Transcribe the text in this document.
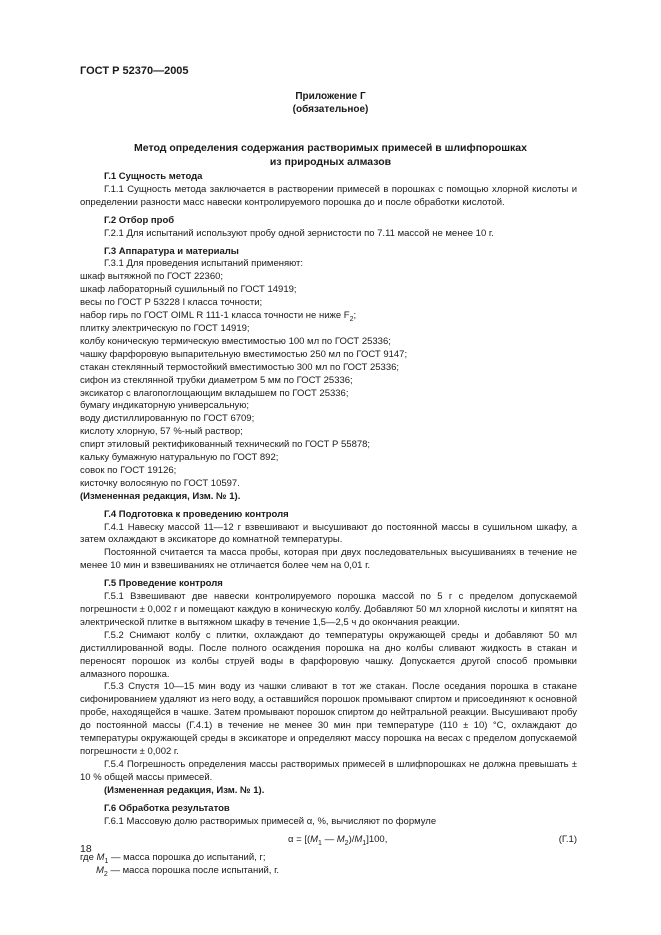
ГОСТ Р 52370—2005
Приложение Г
(обязательное)
Метод определения содержания растворимых примесей в шлифпорошках
из природных алмазов

Г.1 Сущность метода

Г.1.1 Сущность метода заключается в растворении примесей в порошках с помощью хлорной кислоты и определении разности масс навески контролируемого порошка до и после обработки кислотой.

Г.2 Отбор проб

Г.2.1 Для испытаний используют пробу одной зернистости по 7.11 массой не менее 10 г.

Г.3 Аппаратура и материалы

Г.3.1 Для проведения испытаний применяют:

шкаф вытяжной по ГОСТ 22360;

шкаф лабораторный сушильный по ГОСТ 14919;

весы по ГОСТ Р 53228 I класса точности;

набор гирь по ГОСТ OIML R 111-1 класса точности не ниже $F_2$;

плитку электрическую по ГОСТ 14919;

колбу коническую термическую вместимостью 100 мл по ГОСТ 25336;

чашку фарфоровую выпарительную вместимостью 250 мл по ГОСТ 9147;

стакан стеклянный термостойкий вместимостью 300 мл по ГОСТ 25336;

сифон из стеклянной трубки диаметром 5 мм по ГОСТ 25336;

эксикатор с влагопоглощающим вкладышем по ГОСТ 25336;

бумагу индикаторную универсальную;

воду дистиллированную по ГОСТ 6709;

кислоту хлорную, 57 %-ный раствор;

спирт этиловый ректификованный технический по ГОСТ Р 55878;

кальку бумажную натуральную по ГОСТ 892;

совок по ГОСТ 19126;

кисточку волосяную по ГОСТ 10597.

(Измененная редакция, Изм. № 1).

Г.4 Подготовка к проведению контроля

Г.4.1 Навеску массой 11—12 г взвешивают и высушивают до постоянной массы в сушильном шкафу, а затем охлаждают в эксикаторе до комнатной температуры.

Постоянной считается та масса пробы, которая при двух последовательных высушиваниях в течение не менее 10 мин и взвешиваниях не отличается более чем на 0,01 г.

Г.5 Проведение контроля

Г.5.1 Взвешивают две навески контролируемого порошка массой по 5 г с пределом допускаемой погрешности ± 0,002 г и помещают каждую в коническую колбу. Добавляют 50 мл хлорной кислоты и кипятят на электрической плитке в вытяжном шкафу в течение 1,5—2,5 ч до окончания реакции.

Г.5.2 Снимают колбу с плитки, охлаждают до температуры окружающей среды и добавляют 50 мл дистиллированной воды. После полного осаждения порошка на дно колбы сливают жидкость в стакан и переносят порошок из колбы струей воды в фарфоровую чашку. Допускается другой способ промывки алмазного порошка.

Г.5.3 Спустя 10—15 мин воду из чашки сливают в тот же стакан. После оседания порошка в стакане сифонированием удаляют из него воду, а оставшийся порошок промывают спиртом и присоединяют к основной пробе, находящейся в чашке. Затем промывают порошок спиртом до нейтральной реакции. Высушивают пробу до постоянной массы (Г.4.1) в течение не менее 30 мин при температуре (110 ± 10) °С, охлаждают до температуры окружающей среды в эксикаторе и определяют массу порошка на весах с пределом допускаемой погрешности ± 0,002 г.

Г.5.4 Погрешность определения массы растворимых примесей в шлифпорошках не должна превышать ± 10 % общей массы примесей.

(Измененная редакция, Изм. № 1).

Г.6 Обработка результатов

Г.6.1 Массовую долю растворимых примесей α, %, вычисляют по формуле

$\alpha = [(M_1$ — $M_2)/M_1]100$,	(Г.1)

где $M_1$ — масса порошка до испытаний, г;

$M_2$ — масса порошка после испытаний, г.

18
